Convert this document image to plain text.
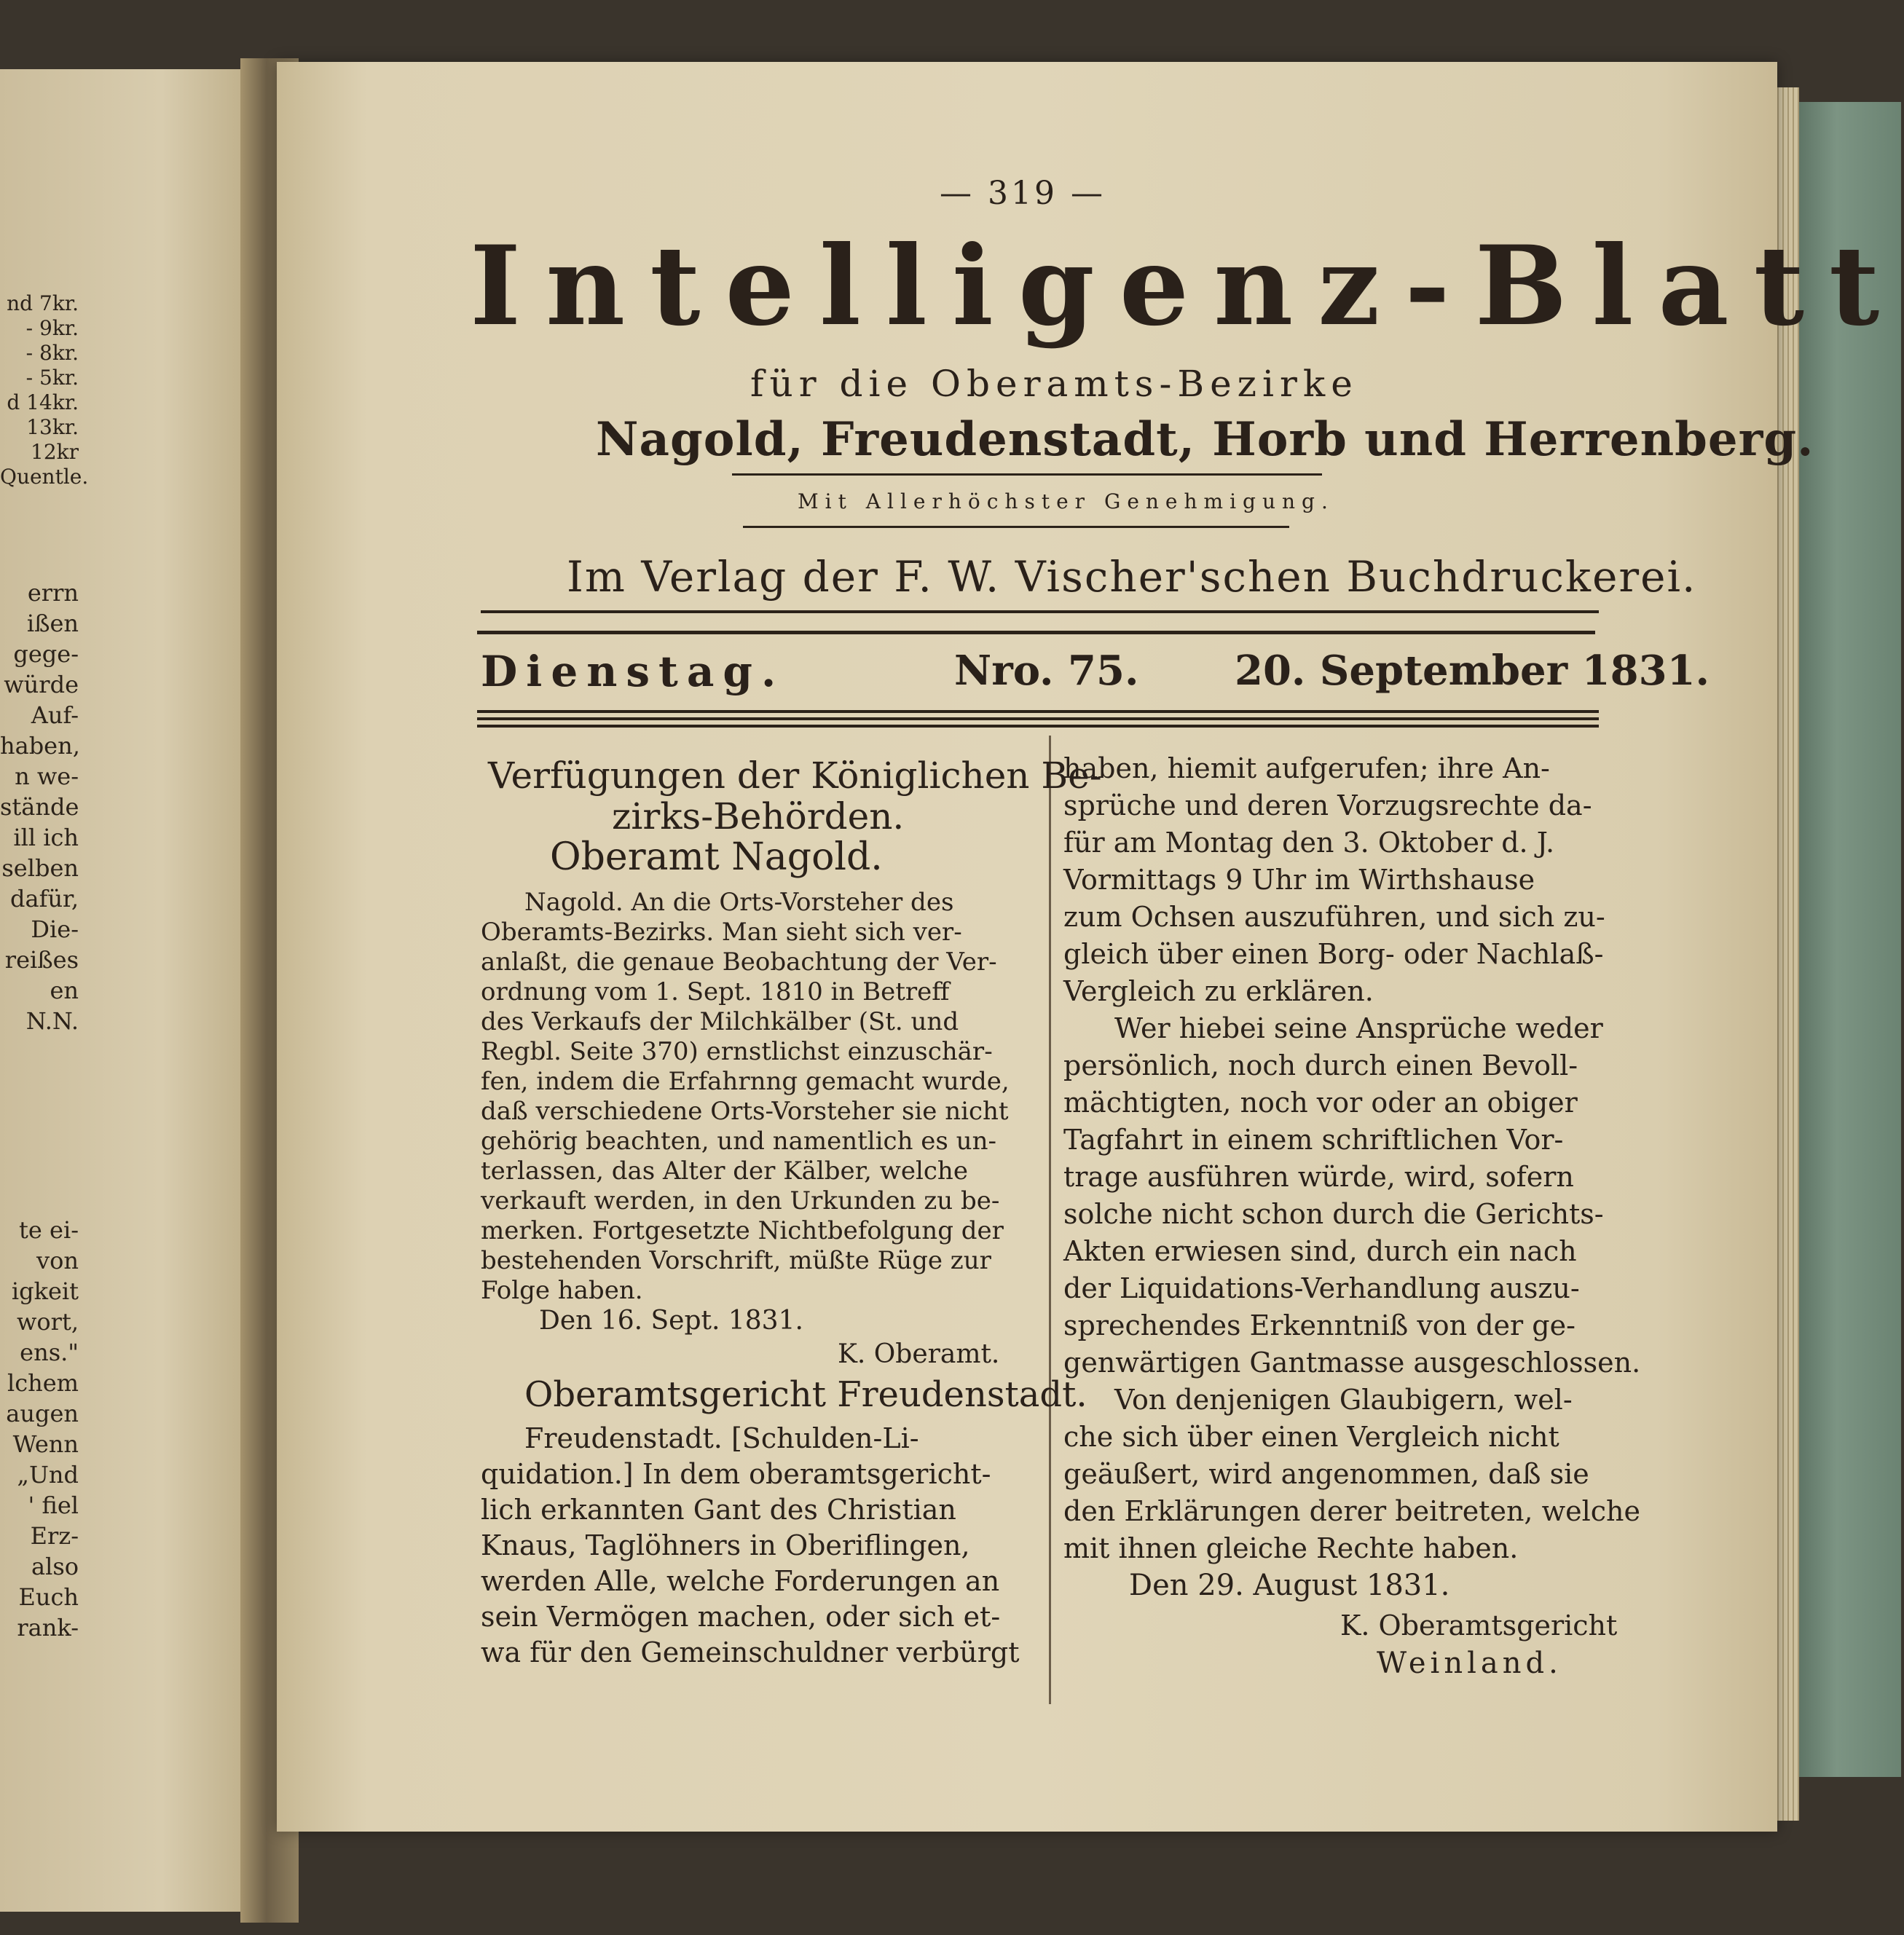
nd 7kr.
- 9kr.
- 8kr.
- 5kr.
d 14kr.
13kr.
12kr
Quentle.
errn
ißen
gege-
würde
Auf-
haben,
n we-
stände
ill ich
selben
dafür,
Die-
reißes
en
N.N.
te ei-
von
igkeit
wort,
ens."
lchem
augen
Wenn
„Und
' fiel
Erz-
also
Euch
rank-
— 319 —
Intelligenz-Blatt
für die Oberamts-Bezirke
Nagold, Freudenstadt, Horb und Herrenberg.
Mit Allerhöchster Genehmigung.
Im Verlag der F. W. Vischer'schen Buchdruckerei.
Dienstag.	Nro. 75. 20. September 1831.
Verfügungen der Königlichen Be-
zirks-Behörden.
Oberamt Nagold.
Nagold. An die Orts-Vorsteher des
Oberamts-Bezirks. Man sieht sich ver-
anlaßt, die genaue Beobachtung der Ver-
ordnung vom 1. Sept. 1810 in Betreff
des Verkaufs der Milchkälber (St. und
Regbl. Seite 370) ernstlichst einzuschär-
fen, indem die Erfahrnng gemacht wurde,
daß verschiedene Orts-Vorsteher sie nicht
gehörig beachten, und namentlich es un-
terlassen, das Alter der Kälber, welche
verkauft werden, in den Urkunden zu be-
merken. Fortgesetzte Nichtbefolgung der
bestehenden Vorschrift, müßte Rüge zur
Folge haben.
Den 16. Sept. 1831.
K. Oberamt.
Oberamtsgericht Freudenstadt.
Freudenstadt. [Schulden-Li-
quidation.] In dem oberamtsgericht-
lich erkannten Gant des Christian
Knaus, Taglöhners in Oberiflingen,
werden Alle, welche Forderungen an
sein Vermögen machen, oder sich et-
wa für den Gemeinschuldner verbürgt
haben, hiemit aufgerufen; ihre An-
sprüche und deren Vorzugsrechte da-
für am Montag den 3. Oktober d. J.
Vormittags 9 Uhr im Wirthshause
zum Ochsen auszuführen, und sich zu-
gleich über einen Borg- oder Nachlaß-
Vergleich zu erklären.
Wer hiebei seine Ansprüche weder
persönlich, noch durch einen Bevoll-
mächtigten, noch vor oder an obiger
Tagfahrt in einem schriftlichen Vor-
trage ausführen würde, wird, sofern
solche nicht schon durch die Gerichts-
Akten erwiesen sind, durch ein nach
der Liquidations-Verhandlung auszu-
sprechendes Erkenntniß von der ge-
genwärtigen Gantmasse ausgeschlossen.
Von denjenigen Glaubigern, wel-
che sich über einen Vergleich nicht
geäußert, wird angenommen, daß sie
den Erklärungen derer beitreten, welche
mit ihnen gleiche Rechte haben.
Den 29. August 1831.
K. Oberamtsgericht
Weinland.
